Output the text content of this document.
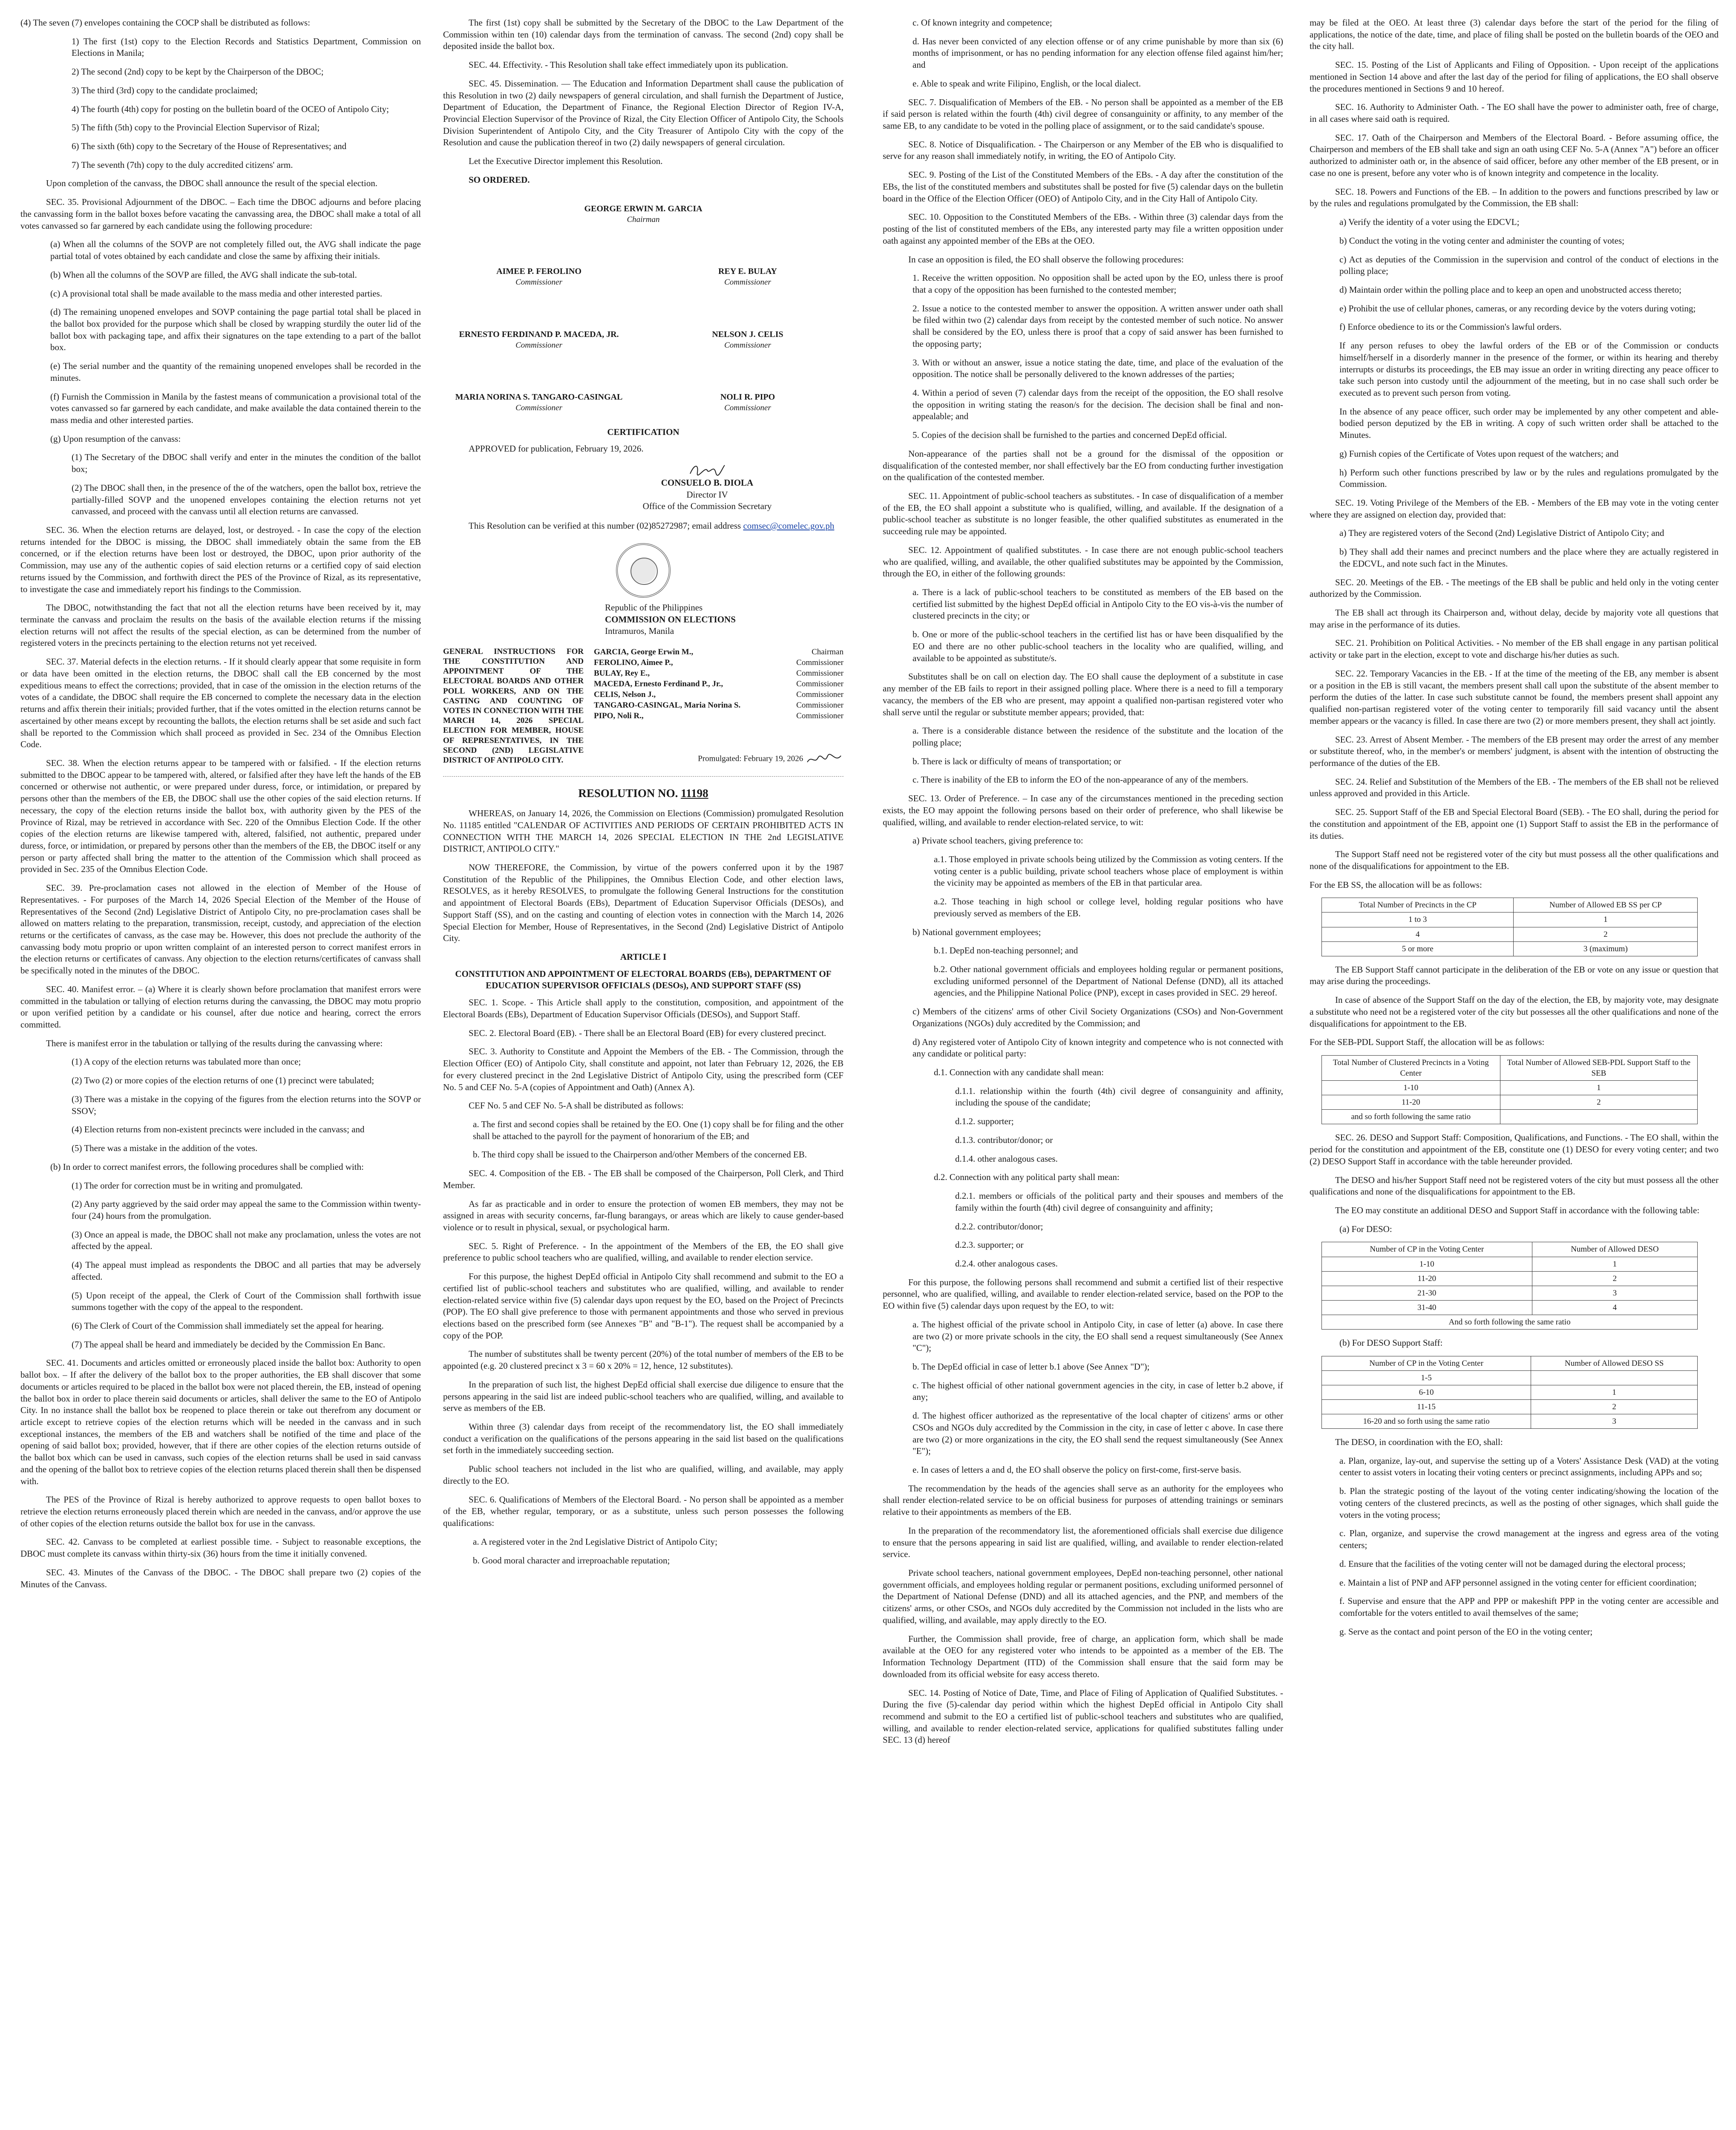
(4) The seven (7) envelopes containing the COCP shall be distributed as follows:

1) The first (1st) copy to the Election Records and Statistics Department, Commission on Elections in Manila;

2) The second (2nd) copy to be kept by the Chairperson of the DBOC;

3) The third (3rd) copy to the candidate proclaimed;

4) The fourth (4th) copy for posting on the bulletin board of the OCEO of Antipolo City;

5) The fifth (5th) copy to the Provincial Election Supervisor of Rizal;

6) The sixth (6th) copy to the Secretary of the House of Representatives; and

7) The seventh (7th) copy to the duly accredited citizens' arm.

Upon completion of the canvass, the DBOC shall announce the result of the special election.

SEC. 35. Provisional Adjournment of the DBOC. – Each time the DBOC adjourns and before placing the canvassing form in the ballot boxes before vacating the canvassing area, the DBOC shall make a total of all votes canvassed so far garnered by each candidate using the following procedure:

(a) When all the columns of the SOVP are not completely filled out, the AVG shall indicate the page partial total of votes obtained by each candidate and close the same by affixing their initials.

(b) When all the columns of the SOVP are filled, the AVG shall indicate the sub-total.

(c) A provisional total shall be made available to the mass media and other interested parties.

(d) The remaining unopened envelopes and SOVP containing the page partial total shall be placed in the ballot box provided for the purpose which shall be closed by wrapping sturdily the outer lid of the ballot box with packaging tape, and affix their signatures on the tape extending to a part of the ballot box.

(e) The serial number and the quantity of the remaining unopened envelopes shall be recorded in the minutes.

(f) Furnish the Commission in Manila by the fastest means of communication a provisional total of the votes canvassed so far garnered by each candidate, and make available the data contained therein to the mass media and other interested parties.

(g) Upon resumption of the canvass:

(1) The Secretary of the DBOC shall verify and enter in the minutes the condition of the ballot box;

(2) The DBOC shall then, in the presence of the of the watchers, open the ballot box, retrieve the partially-filled SOVP and the unopened envelopes containing the election returns not yet canvassed, and proceed with the canvass until all election returns are canvassed.

SEC. 36. When the election returns are delayed, lost, or destroyed. - In case the copy of the election returns intended for the DBOC is missing, the DBOC shall immediately obtain the same from the EB concerned, or if the election returns have been lost or destroyed, the DBOC, upon prior authority of the Commission, may use any of the authentic copies of said election returns or a certified copy of said election returns issued by the Commission, and forthwith direct the PES of the Province of Rizal, as its representative, to investigate the case and immediately report his findings to the Commission.

The DBOC, notwithstanding the fact that not all the election returns have been received by it, may terminate the canvass and proclaim the results on the basis of the available election returns if the missing election returns will not affect the results of the special election, as can be determined from the number of registered voters in the precincts pertaining to the election returns not yet received.

SEC. 37. Material defects in the election returns. - If it should clearly appear that some requisite in form or data have been omitted in the election returns, the DBOC shall call the EB concerned by the most expeditious means to effect the corrections; provided, that in case of the omission in the election returns of the votes of a candidate, the DBOC shall require the EB concerned to complete the necessary data in the election returns and affix therein their initials; provided further, that if the votes omitted in the election returns cannot be ascertained by other means except by recounting the ballots, the election returns shall be set aside and such fact shall be reported to the Commission which shall proceed as provided in Sec. 234 of the Omnibus Election Code.

SEC. 38. When the election returns appear to be tampered with or falsified. - If the election returns submitted to the DBOC appear to be tampered with, altered, or falsified after they have left the hands of the EB concerned or otherwise not authentic, or were prepared under duress, force, or intimidation, or prepared by persons other than the members of the EB, the DBOC shall use the other copies of the said election returns. If necessary, the copy of the election returns inside the ballot box, with authority given by the PES of the Province of Rizal, may be retrieved in accordance with Sec. 220 of the Omnibus Election Code. If the other copies of the election returns are likewise tampered with, altered, falsified, not authentic, prepared under duress, force, or intimidation, or prepared by persons other than the members of the EB, the DBOC itself or any person or party affected shall bring the matter to the attention of the Commission which shall proceed as provided in Sec. 235 of the Omnibus Election Code.

SEC. 39. Pre-proclamation cases not allowed in the election of Member of the House of Representatives. - For purposes of the March 14, 2026 Special Election of the Member of the House of Representatives of the Second (2nd) Legislative District of Antipolo City, no pre-proclamation cases shall be allowed on matters relating to the preparation, transmission, receipt, custody, and appreciation of the election returns or the certificates of canvass, as the case may be. However, this does not preclude the authority of the canvassing body motu proprio or upon written complaint of an interested person to correct manifest errors in the election returns or certificates of canvass. Any objection to the election returns/certificates of canvass shall be specifically noted in the minutes of the DBOC.

SEC. 40. Manifest error. – (a) Where it is clearly shown before proclamation that manifest errors were committed in the tabulation or tallying of election returns during the canvassing, the DBOC may motu proprio or upon verified petition by a candidate or his counsel, after due notice and hearing, correct the errors committed.

There is manifest error in the tabulation or tallying of the results during the canvassing where:

(1) A copy of the election returns was tabulated more than once;

(2) Two (2) or more copies of the election returns of one (1) precinct were tabulated;

(3) There was a mistake in the copying of the figures from the election returns into the SOVP or SSOV;

(4) Election returns from non-existent precincts were included in the canvass; and

(5) There was a mistake in the addition of the votes.

(b) In order to correct manifest errors, the following procedures shall be complied with:

(1) The order for correction must be in writing and promulgated.

(2) Any party aggrieved by the said order may appeal the same to the Commission within twenty-four (24) hours from the promulgation.

(3) Once an appeal is made, the DBOC shall not make any proclamation, unless the votes are not affected by the appeal.

(4) The appeal must implead as respondents the DBOC and all parties that may be adversely affected.

(5) Upon receipt of the appeal, the Clerk of Court of the Commission shall forthwith issue summons together with the copy of the appeal to the respondent.

(6) The Clerk of Court of the Commission shall immediately set the appeal for hearing.

(7) The appeal shall be heard and immediately be decided by the Commission En Banc.

SEC. 41. Documents and articles omitted or erroneously placed inside the ballot box: Authority to open ballot box. – If after the delivery of the ballot box to the proper authorities, the EB shall discover that some documents or articles required to be placed in the ballot box were not placed therein, the EB, instead of opening the ballot box in order to place therein said documents or articles, shall deliver the same to the EO of Antipolo City. In no instance shall the ballot box be reopened to place therein or take out therefrom any document or article except to retrieve copies of the election returns which will be needed in the canvass and in such exceptional instances, the members of the EB and watchers shall be notified of the time and place of the opening of said ballot box; provided, however, that if there are other copies of the election returns outside of the ballot box which can be used in canvass, such copies of the election returns shall be used in said canvass and the opening of the ballot box to retrieve copies of the election returns placed therein shall then be dispensed with.

The PES of the Province of Rizal is hereby authorized to approve requests to open ballot boxes to retrieve the election returns erroneously placed therein which are needed in the canvass, and/or approve the use of other copies of the election returns outside the ballot box for use in the canvass.

SEC. 42. Canvass to be completed at earliest possible time. - Subject to reasonable exceptions, the DBOC must complete its canvass within thirty-six (36) hours from the time it initially convened.

SEC. 43. Minutes of the Canvass of the DBOC. - The DBOC shall prepare two (2) copies of the Minutes of the Canvass.

The first (1st) copy shall be submitted by the Secretary of the DBOC to the Law Department of the Commission within ten (10) calendar days from the termination of canvass. The second (2nd) copy shall be deposited inside the ballot box.

SEC. 44. Effectivity. - This Resolution shall take effect immediately upon its publication.

SEC. 45. Dissemination. — The Education and Information Department shall cause the publication of this Resolution in two (2) daily newspapers of general circulation, and shall furnish the Department of Justice, Department of Education, the Department of Finance, the Regional Election Director of Region IV-A, Provincial Election Supervisor of the Province of Rizal, the City Election Officer of Antipolo City, the Schools Division Superintendent of Antipolo City, and the City Treasurer of Antipolo City with the copy of the Resolution and cause the publication thereof in two (2) daily newspapers of general circulation.

Let the Executive Director implement this Resolution.

SO ORDERED.

GEORGE ERWIN M. GARCIA
Chairman
AIMEE P. FEROLINO
Commissioner
REY E. BULAY
Commissioner
ERNESTO FERDINAND P. MACEDA, JR.
Commissioner
NELSON J. CELIS
Commissioner
MARIA NORINA S. TANGARO-CASINGAL
Commissioner
NOLI R. PIPO
Commissioner
CERTIFICATION

APPROVED for publication, February 19, 2026.

CONSUELO B. DIOLA
Director IV
Office of the Commission Secretary

This Resolution can be verified at this number (02)85272987; email address comsec@comelec.gov.ph

Republic of the Philippines
COMMISSION ON ELECTIONS
Intramuros, Manila
GENERAL INSTRUCTIONS FOR THE CONSTITUTION AND APPOINTMENT OF THE ELECTORAL BOARDS AND OTHER POLL WORKERS, AND ON THE CASTING AND COUNTING OF VOTES IN CONNECTION WITH THE MARCH 14, 2026 SPECIAL ELECTION FOR MEMBER, HOUSE OF REPRESENTATIVES, IN THE SECOND (2ND) LEGISLATIVE DISTRICT OF ANTIPOLO CITY.
GARCIA, George Erwin M.,	Chairman
FEROLINO, Aimee P.,	Commissioner
BULAY, Rey E.,	Commissioner
MACEDA, Ernesto Ferdinand P., Jr.,	Commissioner
CELIS, Nelson J.,	Commissioner
TANGARO-CASINGAL, Maria Norina S.	Commissioner
PIPO, Noli R.,	Commissioner
Promulgated: February 19, 2026
RESOLUTION NO. 11198

WHEREAS, on January 14, 2026, the Commission on Elections (Commission) promulgated Resolution No. 11185 entitled "CALENDAR OF ACTIVITIES AND PERIODS OF CERTAIN PROHIBITED ACTS IN CONNECTION WITH THE MARCH 14, 2026 SPECIAL ELECTION IN THE 2nd LEGISLATIVE DISTRICT, ANTIPOLO CITY."

NOW THEREFORE, the Commission, by virtue of the powers conferred upon it by the 1987 Constitution of the Republic of the Philippines, the Omnibus Election Code, and other election laws, RESOLVES, as it hereby RESOLVES, to promulgate the following General Instructions for the constitution and appointment of Electoral Boards (EBs), Department of Education Supervisor Officials (DESOs), and Support Staff (SS), and on the casting and counting of election votes in connection with the March 14, 2026 Special Election for Member, House of Representatives, in the Second (2nd) Legislative District of Antipolo City.

ARTICLE I
CONSTITUTION AND APPOINTMENT OF ELECTORAL BOARDS (EBs), DEPARTMENT OF EDUCATION SUPERVISOR OFFICIALS (DESOs), AND SUPPORT STAFF (SS)

SEC. 1. Scope. - This Article shall apply to the constitution, composition, and appointment of the Electoral Boards (EBs), Department of Education Supervisor Officials (DESOs), and Support Staff.

SEC. 2. Electoral Board (EB). - There shall be an Electoral Board (EB) for every clustered precinct.

SEC. 3. Authority to Constitute and Appoint the Members of the EB. - The Commission, through the Election Officer (EO) of Antipolo City, shall constitute and appoint, not later than February 12, 2026, the EB for every clustered precinct in the 2nd Legislative District of Antipolo City, using the prescribed form (CEF No. 5 and CEF No. 5-A (copies of Appointment and Oath) (Annex A).

CEF No. 5 and CEF No. 5-A shall be distributed as follows:

a. The first and second copies shall be retained by the EO. One (1) copy shall be for filing and the other shall be attached to the payroll for the payment of honorarium of the EB; and

b. The third copy shall be issued to the Chairperson and/other Members of the concerned EB.

SEC. 4. Composition of the EB. - The EB shall be composed of the Chairperson, Poll Clerk, and Third Member.

As far as practicable and in order to ensure the protection of women EB members, they may not be assigned in areas with security concerns, far-flung barangays, or areas which are likely to cause gender-based violence or to result in physical, sexual, or psychological harm.

SEC. 5. Right of Preference. - In the appointment of the Members of the EB, the EO shall give preference to public school teachers who are qualified, willing, and available to render election service.

For this purpose, the highest DepEd official in Antipolo City shall recommend and submit to the EO a certified list of public-school teachers and substitutes who are qualified, willing, and available to render election-related service within five (5) calendar days upon request by the EO, based on the Project of Precincts (POP). The EO shall give preference to those with permanent appointments and those who served in previous elections based on the prescribed form (see Annexes "B" and "B-1"). The request shall be accompanied by a copy of the POP.

The number of substitutes shall be twenty percent (20%) of the total number of members of the EB to be appointed (e.g. 20 clustered precinct x 3 = 60 x 20% = 12, hence, 12 substitutes).

In the preparation of such list, the highest DepEd official shall exercise due diligence to ensure that the persons appearing in the said list are indeed public-school teachers who are qualified, willing, and available to serve as members of the EB.

Within three (3) calendar days from receipt of the recommendatory list, the EO shall immediately conduct a verification on the qualifications of the persons appearing in the said list based on the qualifications set forth in the immediately succeeding section.

Public school teachers not included in the list who are qualified, willing, and available, may apply directly to the EO.

SEC. 6. Qualifications of Members of the Electoral Board. - No person shall be appointed as a member of the EB, whether regular, temporary, or as a substitute, unless such person possesses the following qualifications:

a. A registered voter in the 2nd Legislative District of Antipolo City;

b. Good moral character and irreproachable reputation;

c. Of known integrity and competence;

d. Has never been convicted of any election offense or of any crime punishable by more than six (6) months of imprisonment, or has no pending information for any election offense filed against him/her; and

e. Able to speak and write Filipino, English, or the local dialect.

SEC. 7. Disqualification of Members of the EB. - No person shall be appointed as a member of the EB if said person is related within the fourth (4th) civil degree of consanguinity or affinity, to any member of the same EB, to any candidate to be voted in the polling place of assignment, or to the said candidate's spouse.

SEC. 8. Notice of Disqualification. - The Chairperson or any Member of the EB who is disqualified to serve for any reason shall immediately notify, in writing, the EO of Antipolo City.

SEC. 9. Posting of the List of the Constituted Members of the EBs. - A day after the constitution of the EBs, the list of the constituted members and substitutes shall be posted for five (5) calendar days on the bulletin board in the Office of the Election Officer (OEO) of Antipolo City, and in the City Hall of Antipolo City.

SEC. 10. Opposition to the Constituted Members of the EBs. - Within three (3) calendar days from the posting of the list of constituted members of the EBs, any interested party may file a written opposition under oath against any appointed member of the EBs at the OEO.

In case an opposition is filed, the EO shall observe the following procedures:

1. Receive the written opposition. No opposition shall be acted upon by the EO, unless there is proof that a copy of the opposition has been furnished to the contested member;

2. Issue a notice to the contested member to answer the opposition. A written answer under oath shall be filed within two (2) calendar days from receipt by the contested member of such notice. No answer shall be considered by the EO, unless there is proof that a copy of said answer has been furnished to the opposing party;

3. With or without an answer, issue a notice stating the date, time, and place of the evaluation of the opposition. The notice shall be personally delivered to the known addresses of the parties;

4. Within a period of seven (7) calendar days from the receipt of the opposition, the EO shall resolve the opposition in writing stating the reason/s for the decision. The decision shall be final and non-appealable; and

5. Copies of the decision shall be furnished to the parties and concerned DepEd official.

Non-appearance of the parties shall not be a ground for the dismissal of the opposition or disqualification of the contested member, nor shall effectively bar the EO from conducting further investigation on the qualification of the contested member.

SEC. 11. Appointment of public-school teachers as substitutes. - In case of disqualification of a member of the EB, the EO shall appoint a substitute who is qualified, willing, and available. If the designation of a public-school teacher as substitute is no longer feasible, the other qualified substitutes as enumerated in the succeeding rule may be appointed.

SEC. 12. Appointment of qualified substitutes. - In case there are not enough public-school teachers who are qualified, willing, and available, the other qualified substitutes may be appointed by the Commission, through the EO, in either of the following grounds:

a. There is a lack of public-school teachers to be constituted as members of the EB based on the certified list submitted by the highest DepEd official in Antipolo City to the EO vis-à-vis the number of clustered precincts in the city; or

b. One or more of the public-school teachers in the certified list has or have been disqualified by the EO and there are no other public-school teachers in the locality who are qualified, willing, and available to be appointed as substitute/s.

Substitutes shall be on call on election day. The EO shall cause the deployment of a substitute in case any member of the EB fails to report in their assigned polling place. Where there is a need to fill a temporary vacancy, the members of the EB who are present, may appoint a qualified non-partisan registered voter who shall serve until the regular or substitute member appears; provided, that:

a. There is a considerable distance between the residence of the substitute and the location of the polling place;

b. There is lack or difficulty of means of transportation; or

c. There is inability of the EB to inform the EO of the non-appearance of any of the members.

SEC. 13. Order of Preference. – In case any of the circumstances mentioned in the preceding section exists, the EO may appoint the following persons based on their order of preference, who shall likewise be qualified, willing, and available to render election-related service, to wit:

a) Private school teachers, giving preference to:

a.1. Those employed in private schools being utilized by the Commission as voting centers. If the voting center is a public building, private school teachers whose place of employment is within the vicinity may be appointed as members of the EB in that particular area.

a.2. Those teaching in high school or college level, holding regular positions who have previously served as members of the EB.

b) National government employees;

b.1. DepEd non-teaching personnel; and

b.2. Other national government officials and employees holding regular or permanent positions, excluding uniformed personnel of the Department of National Defense (DND), all its attached agencies, and the Philippine National Police (PNP), except in cases provided in SEC. 29 hereof.

c) Members of the citizens' arms of other Civil Society Organizations (CSOs) and Non-Government Organizations (NGOs) duly accredited by the Commission; and

d) Any registered voter of Antipolo City of known integrity and competence who is not connected with any candidate or political party:

d.1. Connection with any candidate shall mean:

d.1.1. relationship within the fourth (4th) civil degree of consanguinity and affinity, including the spouse of the candidate;

d.1.2. supporter;

d.1.3. contributor/donor; or

d.1.4. other analogous cases.

d.2. Connection with any political party shall mean:

d.2.1. members or officials of the political party and their spouses and members of the family within the fourth (4th) civil degree of consanguinity and affinity;

d.2.2. contributor/donor;

d.2.3. supporter; or

d.2.4. other analogous cases.

For this purpose, the following persons shall recommend and submit a certified list of their respective personnel, who are qualified, willing, and available to render election-related service, based on the POP to the EO within five (5) calendar days upon request by the EO, to wit:

a. The highest official of the private school in Antipolo City, in case of letter (a) above. In case there are two (2) or more private schools in the city, the EO shall send a request simultaneously (See Annex "C");

b. The DepEd official in case of letter b.1 above (See Annex "D");

c. The highest official of other national government agencies in the city, in case of letter b.2 above, if any;

d. The highest officer authorized as the representative of the local chapter of citizens' arms or other CSOs and NGOs duly accredited by the Commission in the city, in case of letter c above. In case there are two (2) or more organizations in the city, the EO shall send the request simultaneously (See Annex "E");

e. In cases of letters a and d, the EO shall observe the policy on first-come, first-serve basis.

The recommendation by the heads of the agencies shall serve as an authority for the employees who shall render election-related service to be on official business for purposes of attending trainings or seminars relative to their appointments as members of the EB.

In the preparation of the recommendatory list, the aforementioned officials shall exercise due diligence to ensure that the persons appearing in said list are qualified, willing, and available to render election-related service.

Private school teachers, national government employees, DepEd non-teaching personnel, other national government officials, and employees holding regular or permanent positions, excluding uniformed personnel of the Department of National Defense (DND) and all its attached agencies, and the PNP, and members of the citizens' arms, or other CSOs, and NGOs duly accredited by the Commission not included in the lists who are qualified, willing, and available, may apply directly to the EO.

Further, the Commission shall provide, free of charge, an application form, which shall be made available at the OEO for any registered voter who intends to be appointed as a member of the EB. The Information Technology Department (ITD) of the Commission shall ensure that the said form may be downloaded from its official website for easy access thereto.

SEC. 14. Posting of Notice of Date, Time, and Place of Filing of Application of Qualified Substitutes. - During the five (5)-calendar day period within which the highest DepEd official in Antipolo City shall recommend and submit to the EO a certified list of public-school teachers and substitutes who are qualified, willing, and available to render election-related service, applications for qualified substitutes falling under SEC. 13 (d) hereof

may be filed at the OEO. At least three (3) calendar days before the start of the period for the filing of applications, the notice of the date, time, and place of filing shall be posted on the bulletin boards of the OEO and the city hall.

SEC. 15. Posting of the List of Applicants and Filing of Opposition. - Upon receipt of the applications mentioned in Section 14 above and after the last day of the period for filing of applications, the EO shall observe the procedures mentioned in Sections 9 and 10 hereof.

SEC. 16. Authority to Administer Oath. - The EO shall have the power to administer oath, free of charge, in all cases where said oath is required.

SEC. 17. Oath of the Chairperson and Members of the Electoral Board. - Before assuming office, the Chairperson and members of the EB shall take and sign an oath using CEF No. 5-A (Annex "A") before an officer authorized to administer oath or, in the absence of said officer, before any other member of the EB present, or in case no one is present, before any voter who is of known integrity and competence in the locality.

SEC. 18. Powers and Functions of the EB. – In addition to the powers and functions prescribed by law or by the rules and regulations promulgated by the Commission, the EB shall:

a) Verify the identity of a voter using the EDCVL;

b) Conduct the voting in the voting center and administer the counting of votes;

c) Act as deputies of the Commission in the supervision and control of the conduct of elections in the polling place;

d) Maintain order within the polling place and to keep an open and unobstructed access thereto;

e) Prohibit the use of cellular phones, cameras, or any recording device by the voters during voting;

f) Enforce obedience to its or the Commission's lawful orders.

If any person refuses to obey the lawful orders of the EB or of the Commission or conducts himself/herself in a disorderly manner in the presence of the former, or within its hearing and thereby interrupts or disturbs its proceedings, the EB may issue an order in writing directing any peace officer to take such person into custody until the adjournment of the meeting, but in no case shall such order be executed as to prevent such person from voting.

In the absence of any peace officer, such order may be implemented by any other competent and able-bodied person deputized by the EB in writing. A copy of such written order shall be attached to the Minutes.

g) Furnish copies of the Certificate of Votes upon request of the watchers; and

h) Perform such other functions prescribed by law or by the rules and regulations promulgated by the Commission.

SEC. 19. Voting Privilege of the Members of the EB. - Members of the EB may vote in the voting center where they are assigned on election day, provided that:

a) They are registered voters of the Second (2nd) Legislative District of Antipolo City; and

b) They shall add their names and precinct numbers and the place where they are actually registered in the EDCVL, and note such fact in the Minutes.

SEC. 20. Meetings of the EB. - The meetings of the EB shall be public and held only in the voting center authorized by the Commission.

The EB shall act through its Chairperson and, without delay, decide by majority vote all questions that may arise in the performance of its duties.

SEC. 21. Prohibition on Political Activities. - No member of the EB shall engage in any partisan political activity or take part in the election, except to vote and discharge his/her duties as such.

SEC. 22. Temporary Vacancies in the EB. - If at the time of the meeting of the EB, any member is absent or a position in the EB is still vacant, the members present shall call upon the substitute of the absent member to perform the duties of the latter. In case such substitute cannot be found, the members present shall appoint any qualified non-partisan registered voter of the voting center to temporarily fill said vacancy until the absent member appears or the vacancy is filled. In case there are two (2) or more members present, they shall act jointly.

SEC. 23. Arrest of Absent Member. - The members of the EB present may order the arrest of any member or substitute thereof, who, in the member's or members' judgment, is absent with the intention of obstructing the performance of the duties of the EB.

SEC. 24. Relief and Substitution of the Members of the EB. - The members of the EB shall not be relieved unless approved and provided in this Article.

SEC. 25. Support Staff of the EB and Special Electoral Board (SEB). - The EO shall, during the period for the constitution and appointment of the EB, appoint one (1) Support Staff to assist the EB in the performance of its duties.

The Support Staff need not be registered voter of the city but must possess all the other qualifications and none of the disqualifications for appointment to the EB.

For the EB SS, the allocation will be as follows:

Total Number of Precincts in the CP	Number of Allowed EB SS per CP
1 to 3	1
4	2
5 or more	3 (maximum)

The EB Support Staff cannot participate in the deliberation of the EB or vote on any issue or question that may arise during the proceedings.

In case of absence of the Support Staff on the day of the election, the EB, by majority vote, may designate a substitute who need not be a registered voter of the city but possesses all the other qualifications and none of the disqualifications for appointment to the EB.

For the SEB-PDL Support Staff, the allocation will be as follows:

Total Number of Clustered Precincts in a Voting Center	Total Number of Allowed SEB-PDL Support Staff to the SEB
1-10	1
11-20	2
and so forth following the same ratio	

SEC. 26. DESO and Support Staff: Composition, Qualifications, and Functions. - The EO shall, within the period for the constitution and appointment of the EB, constitute one (1) DESO for every voting center; and two (2) DESO Support Staff in accordance with the table hereunder provided.

The DESO and his/her Support Staff need not be registered voters of the city but must possess all the other qualifications and none of the disqualifications for appointment to the EB.

The EO may constitute an additional DESO and Support Staff in accordance with the following table:

(a) For DESO:

Number of CP in the Voting Center	Number of Allowed DESO
1-10	1
11-20	2
21-30	3
31-40	4
And so forth following the same ratio	

(b) For DESO Support Staff:

Number of CP in the Voting Center	Number of Allowed DESO SS
1-5	
6-10	1
11-15	2
16-20 and so forth using the same ratio	3

The DESO, in coordination with the EO, shall:

a. Plan, organize, lay-out, and supervise the setting up of a Voters' Assistance Desk (VAD) at the voting center to assist voters in locating their voting centers or precinct assignments, including APPs and so;

b. Plan the strategic posting of the layout of the voting center indicating/showing the location of the voting centers of the clustered precincts, as well as the posting of other signages, which shall guide the voters in the voting process;

c. Plan, organize, and supervise the crowd management at the ingress and egress area of the voting centers;

d. Ensure that the facilities of the voting center will not be damaged during the electoral process;

e. Maintain a list of PNP and AFP personnel assigned in the voting center for efficient coordination;

f. Supervise and ensure that the APP and PPP or makeshift PPP in the voting center are accessible and comfortable for the voters entitled to avail themselves of the same;

g. Serve as the contact and point person of the EO in the voting center;
